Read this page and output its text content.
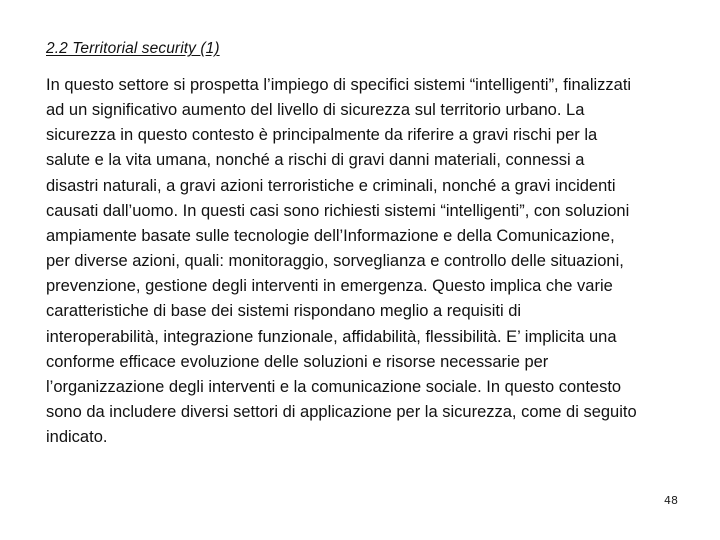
2.2 Territorial security (1)
In questo settore si prospetta l’impiego di specifici sistemi “intelligenti”, finalizzati
ad un significativo aumento del livello di sicurezza sul territorio urbano. La
sicurezza in questo contesto è principalmente da riferire a gravi rischi per la
salute e la vita umana, nonché a rischi di gravi danni materiali, connessi a
disastri naturali, a gravi azioni terroristiche e criminali, nonché a gravi incidenti
causati dall’uomo. In questi casi sono richiesti sistemi “intelligenti”, con soluzioni
ampiamente basate sulle tecnologie dell’Informazione e della Comunicazione,
per diverse azioni, quali: monitoraggio, sorveglianza e controllo delle situazioni,
prevenzione, gestione degli interventi in emergenza. Questo implica che varie
caratteristiche di base dei sistemi rispondano meglio a requisiti di
interoperabilità, integrazione funzionale, affidabilità, flessibilità. E’ implicita una
conforme efficace evoluzione delle soluzioni e risorse necessarie per
l’organizzazione degli interventi e la comunicazione sociale. In questo contesto
sono da includere diversi settori di applicazione per la sicurezza, come di seguito
indicato.
48
